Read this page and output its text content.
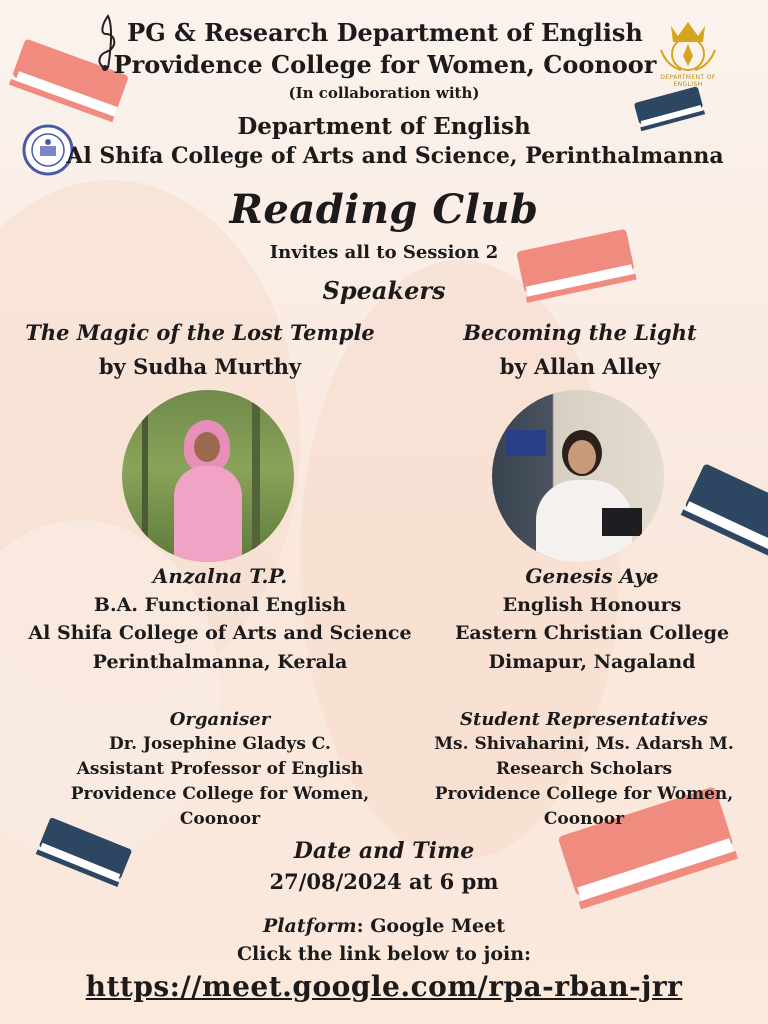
DEPARTMENT OF ENGLISH
PG & Research Department of English
Providence College for Women, Coonoor
(In collaboration with)
Department of English
Al Shifa College of Arts and Science, Perinthalmanna
Reading Club
Invites all to Session 2
Speakers
The Magic of the Lost Temple
by Sudha Murthy
Anzalna T.P.
B.A. Functional English
Al Shifa College of Arts and Science
Perinthalmanna, Kerala
Becoming the Light
by Allan Alley
Genesis Aye
English Honours
Eastern Christian College
Dimapur, Nagaland
Organiser
Dr. Josephine Gladys C.
Assistant Professor of English
Providence College for Women,
Coonoor
Student Representatives
Ms. Shivaharini, Ms. Adarsh M.
Research Scholars
Providence College for Women,
Coonoor
Date and Time
27/08/2024 at 6 pm
Platform: Google Meet
Click the link below to join:
https://meet.google.com/rpa-rban-jrr
